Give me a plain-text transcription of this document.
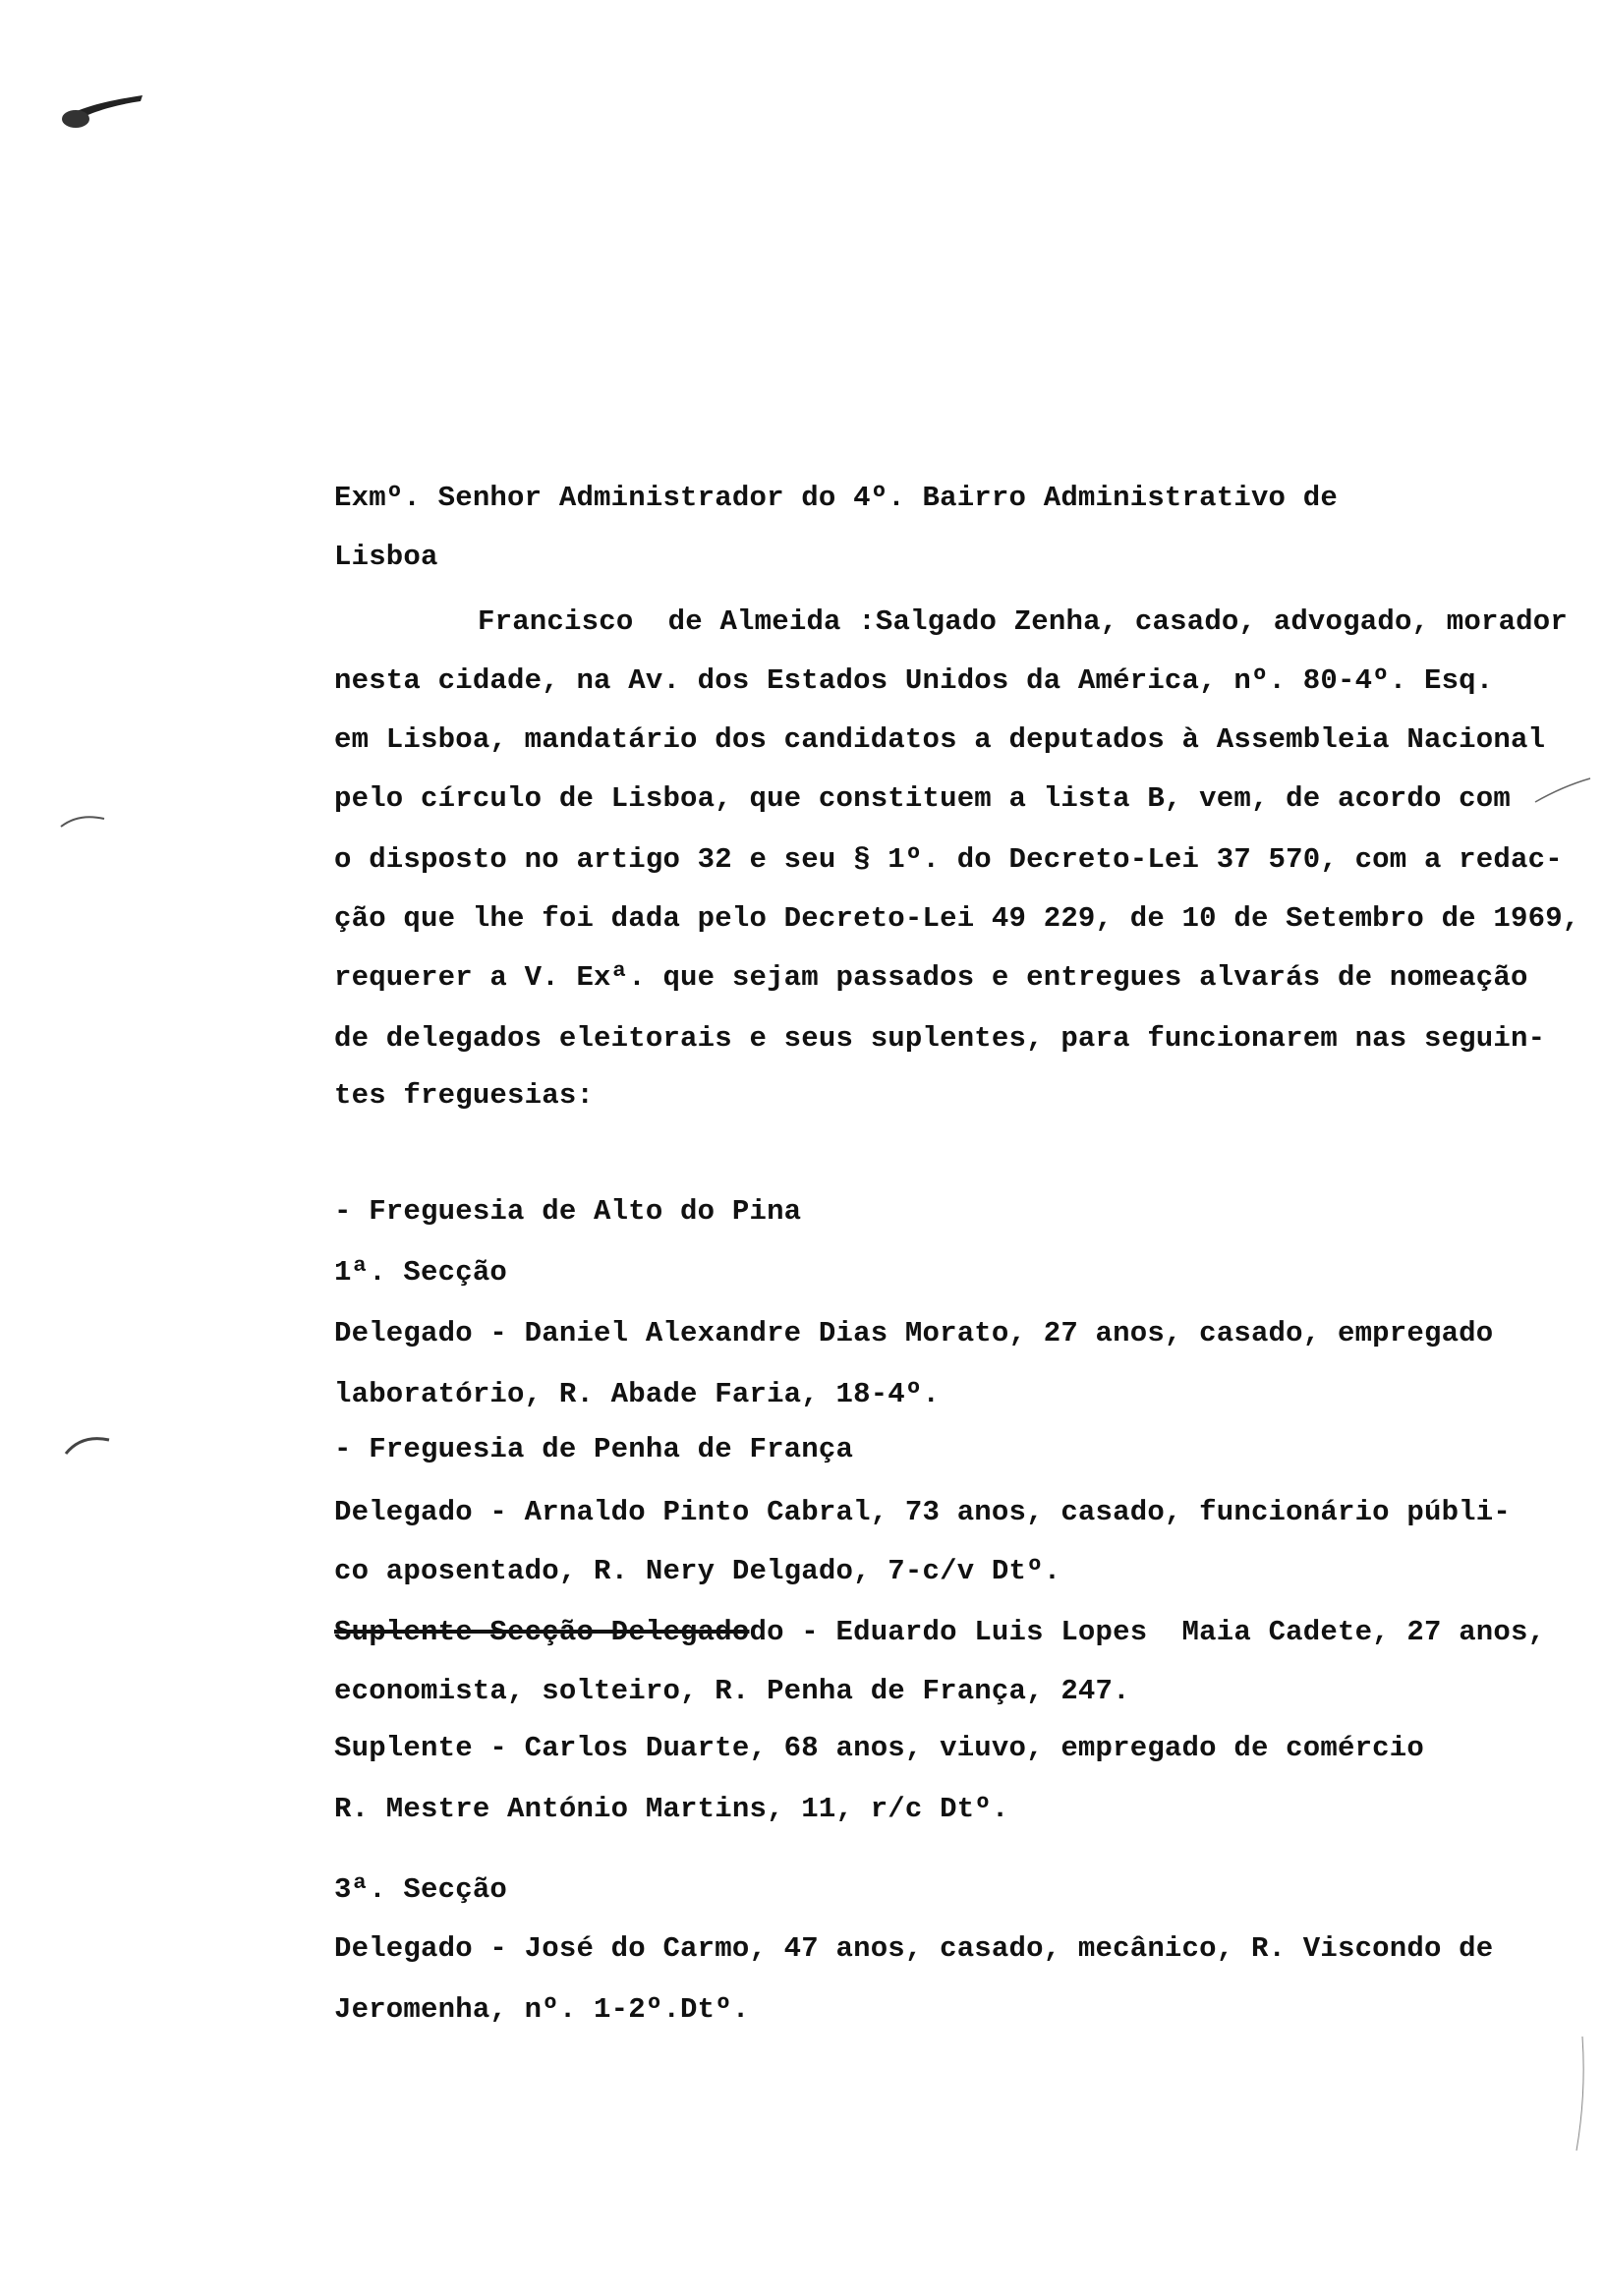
Exmº. Senhor Administrador do 4º. Bairro Administrativo de
Lisboa
Francisco  de Almeida :Salgado Zenha, casado, advogado, morador
nesta cidade, na Av. dos Estados Unidos da América, nº. 80-4º. Esq.
em Lisboa, mandatário dos candidatos a deputados à Assembleia Nacional
pelo círculo de Lisboa, que constituem a lista B, vem, de acordo com
o disposto no artigo 32 e seu § 1º. do Decreto-Lei 37 570, com a redac-
ção que lhe foi dada pelo Decreto-Lei 49 229, de 10 de Setembro de 1969,
requerer a V. Exª. que sejam passados e entregues alvarás de nomeação
de delegados eleitorais e seus suplentes, para funcionarem nas seguin-
tes freguesias:
- Freguesia de Alto do Pina
1ª. Secção
Delegado - Daniel Alexandre Dias Morato, 27 anos, casado, empregado
laboratório, R. Abade Faria, 18-4º.
- Freguesia de Penha de França
Delegado - Arnaldo Pinto Cabral, 73 anos, casado, funcionário públi-
co aposentado, R. Nery Delgado, 7-c/v Dtº.
Suplente Secção Delegadodo - Eduardo Luis Lopes  Maia Cadete, 27 anos,
economista, solteiro, R. Penha de França, 247.
Suplente - Carlos Duarte, 68 anos, viuvo, empregado de comércio
R. Mestre António Martins, 11, r/c Dtº.
3ª. Secção
Delegado - José do Carmo, 47 anos, casado, mecânico, R. Viscondo de
Jeromenha, nº. 1-2º.Dtº.
